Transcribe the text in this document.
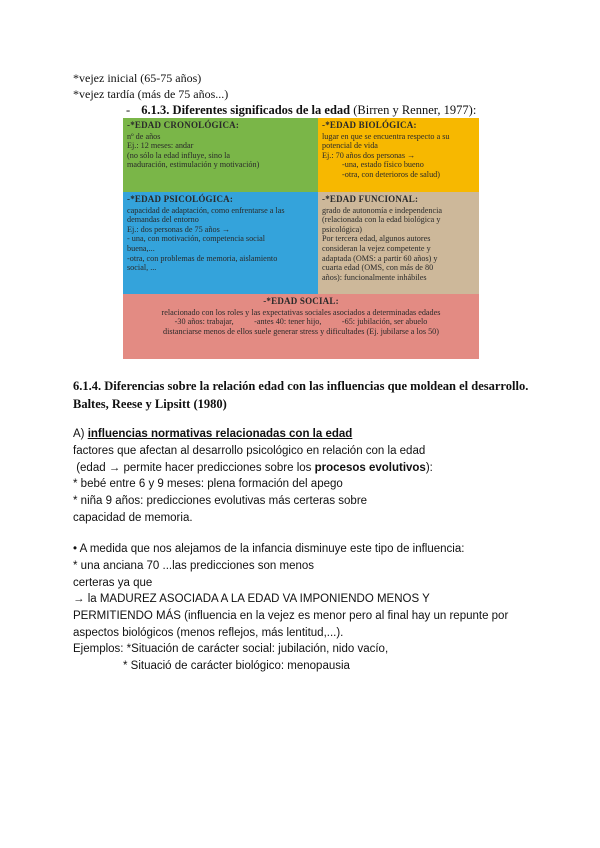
*vejez inicial (65-75 años)
*vejez tardía (más de 75 años...)
- 6.1.3. Diferentes significados de la edad (Birren y Renner, 1977):
-*EDAD CRONOLÓGICA:

nº de años

Ej.: 12 meses: andar

(no sólo la edad influye, sino la

maduración, estimulación y motivación)

-*EDAD BIOLÓGICA:

lugar en que se encuentra respecto a su

potencial de vida

Ej.: 70 años dos personas →

-una, estado físico bueno

-otra, con deterioros de salud)

-*EDAD PSICOLÓGICA:

capacidad de adaptación, como enfrentarse a las

demandas del entorno

Ej.: dos personas de 75 años →

- una, con motivación, competencia social

buena,...

-otra, con problemas de memoria, aislamiento

social, ...

-*EDAD FUNCIONAL:

grado de autonomía e independencia

(relacionada con la edad biológica y

psicológica)

Por tercera edad, algunos autores

consideran la vejez competente y

adaptada (OMS: a partir 60 años) y

cuarta edad (OMS, con más de 80

años): funcionalmente inhábiles

-*EDAD SOCIAL:

relacionado con los roles y las expectativas sociales asociados a determinadas edades

-30 años: trabajar,          -antes 40: tener hijo,          -65: jubilación, ser abuelo

distanciarse menos de ellos suele generar stress y dificultades (Ej. jubilarse a los 50)

6.1.4. Diferencias sobre la relación edad con las influencias que moldean el desarrollo.
Baltes, Reese y Lipsitt (1980)
A) influencias normativas relacionadas con la edad
factores que afectan al desarrollo psicológico en relación con la edad
(edad → permite hacer predicciones sobre los procesos evolutivos):
* bebé entre 6 y 9 meses: plena formación del apego
* niña 9 años: predicciones evolutivas más certeras sobre
capacidad de memoria.
• A medida que nos alejamos de la infancia disminuye este tipo de influencia:
* una anciana 70 ...las predicciones son menos
certeras ya que
→ la MADUREZ ASOCIADA A LA EDAD VA IMPONIENDO MENOS Y
PERMITIENDO MÁS (influencia en la vejez es menor pero al final hay un repunte por
aspectos biológicos (menos reflejos, más lentitud,...).
Ejemplos: *Situación de carácter social: jubilación, nido vacío,
* Situació de carácter biológico: menopausia
